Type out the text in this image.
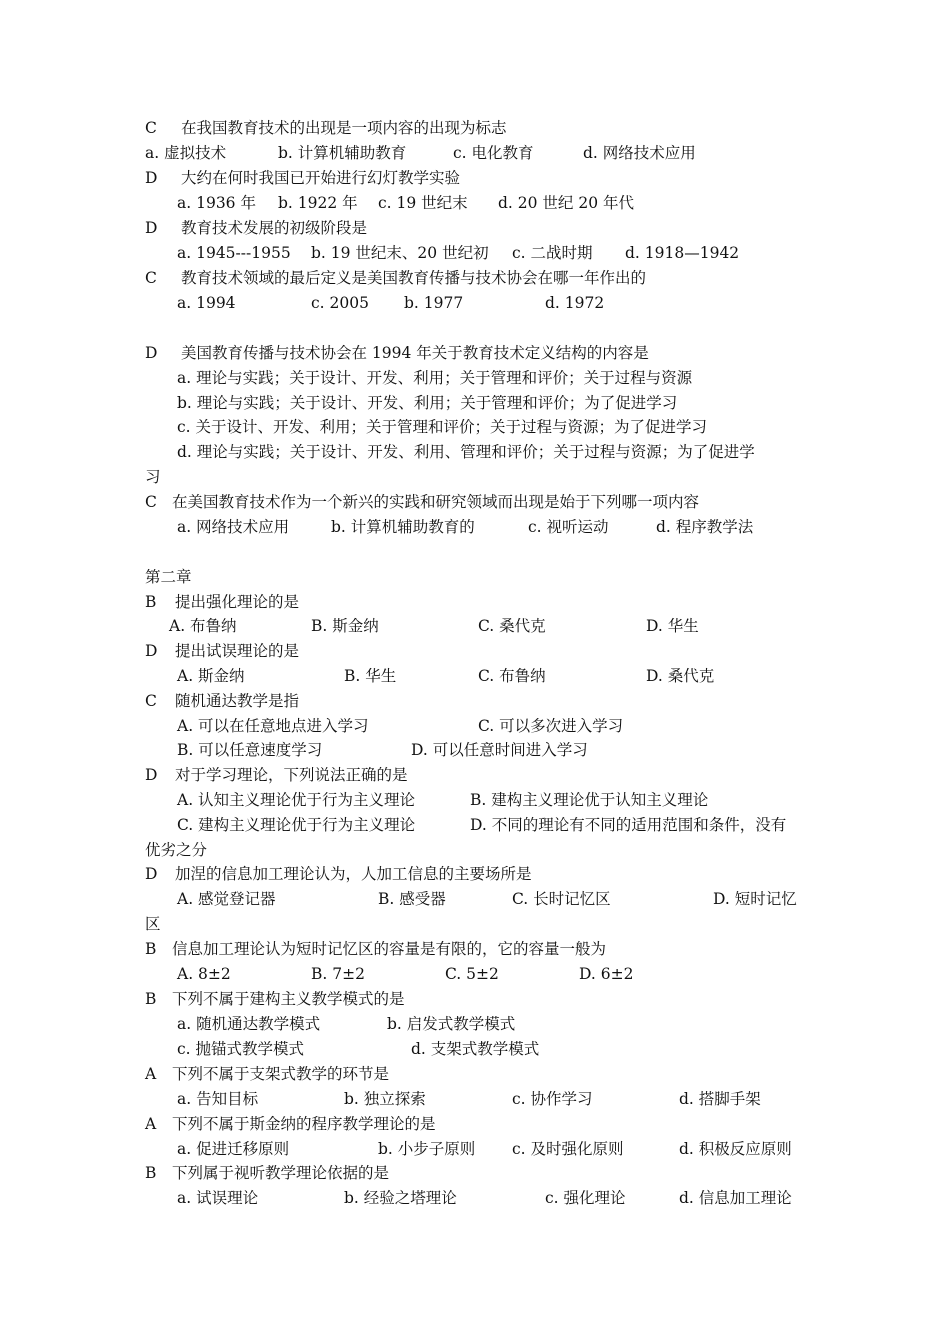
C 在我国教育技术的出现是一项内容的出现为标志
a. 虚拟技术	b. 计算机辅助教育	c. 电化教育	d. 网络技术应用
D 大约在何时我国已开始进行幻灯教学实验
a. 1936 年 b. 1922 年 c. 19 世纪末 d. 20 世纪 20 年代
D 教育技术发展的初级阶段是
a. 1945---1955 b. 19 世纪末、20 世纪初 c. 二战时期 d. 1918—1942
C 教育技术领域的最后定义是美国教育传播与技术协会在哪一年作出的
a. 1994	c. 2005 b. 1977	d. 1972
D 美国教育传播与技术协会在 1994 年关于教育技术定义结构的内容是
a. 理论与实践；关于设计、开发、利用；关于管理和评价；关于过程与资源
b. 理论与实践；关于设计、开发、利用；关于管理和评价；为了促进学习
c. 关于设计、开发、利用；关于管理和评价；关于过程与资源；为了促进学习
d. 理论与实践；关于设计、开发、利用、管理和评价；关于过程与资源；为了促进学
习
C 在美国教育技术作为一个新兴的实践和研究领域而出现是始于下列哪一项内容
a. 网络技术应用	b. 计算机辅助教育的	c. 视听运动	d. 程序教学法
第二章
B 提出强化理论的是
A. 布鲁纳	B. 斯金纳	C. 桑代克	D. 华生
D 提出试误理论的是
A. 斯金纳	B. 华生	C. 布鲁纳	D. 桑代克
C 随机通达教学是指
A. 可以在任意地点进入学习	C. 可以多次进入学习
B. 可以任意速度学习	D. 可以任意时间进入学习
D 对于学习理论，下列说法正确的是
A. 认知主义理论优于行为主义理论	B. 建构主义理论优于认知主义理论
C. 建构主义理论优于行为主义理论	D. 不同的理论有不同的适用范围和条件，没有
优劣之分
D 加涅的信息加工理论认为，人加工信息的主要场所是
A. 感觉登记器	B. 感受器	C. 长时记忆区	D. 短时记忆
区
B 信息加工理论认为短时记忆区的容量是有限的，它的容量一般为
A. 8±2	B. 7±2	C. 5±2	D. 6±2
B 下列不属于建构主义教学模式的是
a. 随机通达教学模式	b. 启发式教学模式
c. 抛锚式教学模式	d. 支架式教学模式
A 下列不属于支架式教学的环节是
a. 告知目标	b. 独立探索	c. 协作学习	d. 搭脚手架
A 下列不属于斯金纳的程序教学理论的是
a. 促进迁移原则	b. 小步子原则 c. 及时强化原则	d. 积极反应原则
B 下列属于视听教学理论依据的是
a. 试误理论	b. 经验之塔理论	c. 强化理论	d. 信息加工理论
